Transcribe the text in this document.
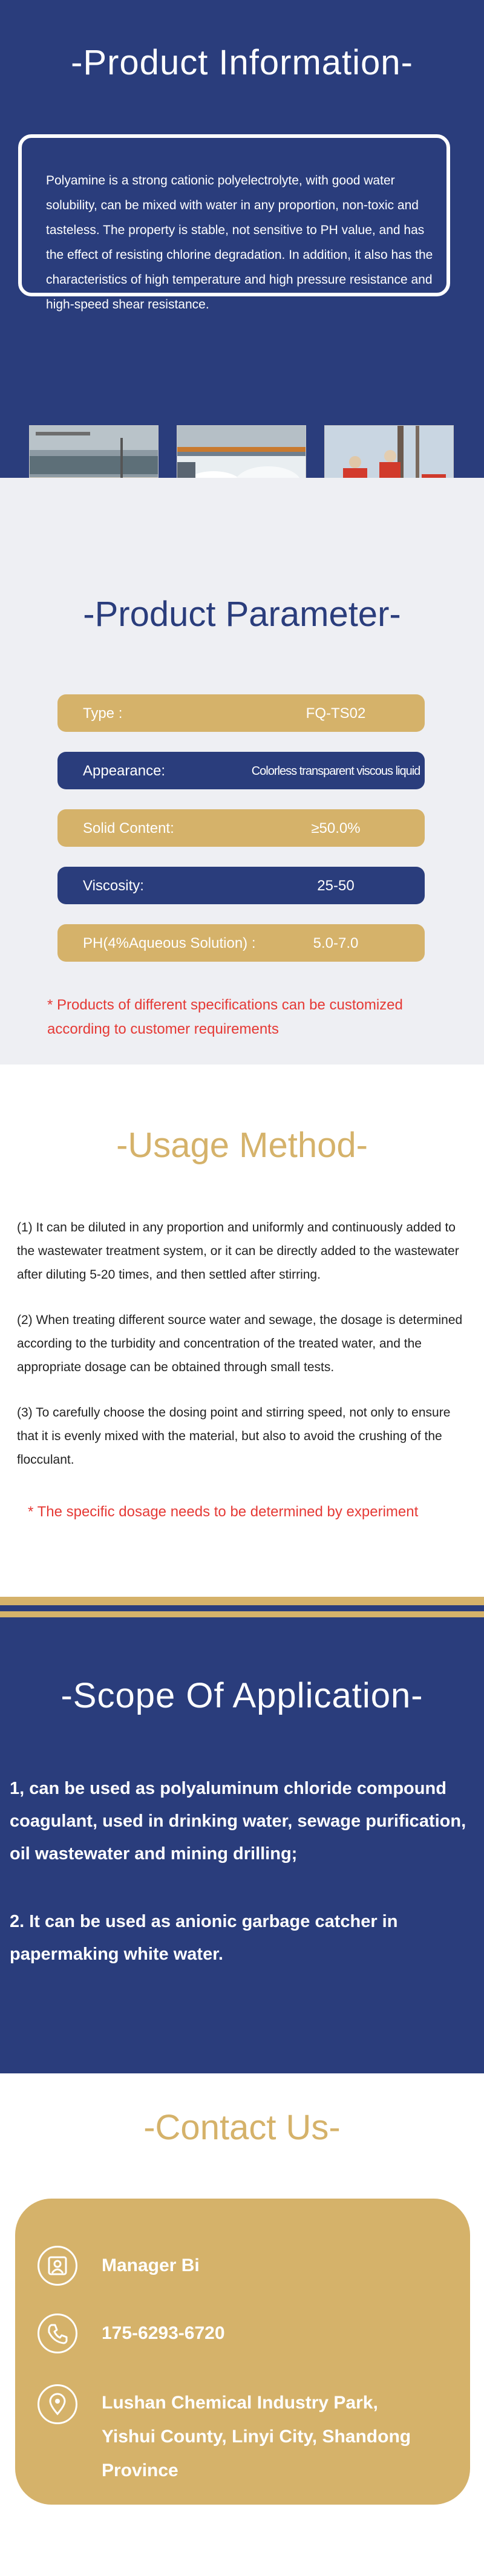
-Product Information-
Polyamine is a strong cationic polyelectrolyte, with good water solubility, can be mixed with water in any proportion, non-toxic and tasteless. The property is stable, not sensitive to PH value, and has the effect of resisting chlorine degradation. In addition, it also has the characteristics of high temperature and high pressure resistance and high-speed shear resistance.
-Product Parameter-
Type :	FQ-TS02
Appearance:	Colorless transparent viscous liquid
Solid Content:	≥50.0%
Viscosity:	25-50
PH(4%Aqueous Solution) :	5.0-7.0
* Products of different specifications can be customized
according to customer requirements
-Usage Method-
(1) It can be diluted in any proportion and uniformly and continuously added to the wastewater treatment system, or it can be directly added to the wastewater after diluting 5-20 times, and then settled after stirring.
(2) When treating different source water and sewage, the dosage is determined according to the turbidity and concentration of the treated water, and the appropriate dosage can be obtained through small tests.
(3) To carefully choose the dosing point and stirring speed, not only to ensure that it is evenly mixed with the material, but also to avoid the crushing of the flocculant.
* The specific dosage needs to be determined by experiment
-Scope Of Application-
1, can be used as polyaluminum chloride compound coagulant, used in drinking water, sewage purification, oil wastewater and mining drilling;
2. It can be used as anionic garbage catcher in papermaking white water.
-Contact Us-
Manager Bi
175-6293-6720
Lushan Chemical Industry Park, Yishui County, Linyi City, Shandong Province
